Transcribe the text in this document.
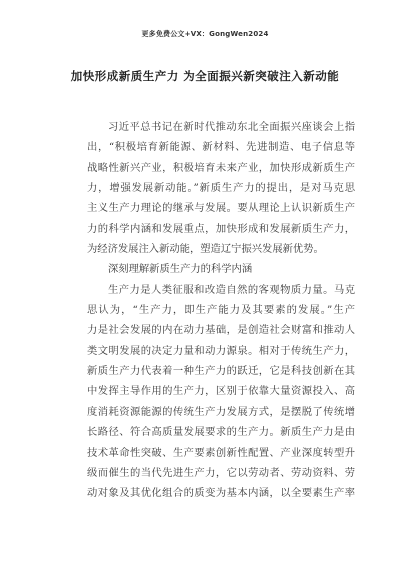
更多免费公文+VX：GongWen2024
加快形成新质生产力 为全面振兴新突破注入新动能
习近平总书记在新时代推动东北全面振兴座谈会上指
出，“积极培育新能源、新材料、先进制造、电子信息等
战略性新兴产业，积极培育未来产业，加快形成新质生产
力，增强发展新动能。”新质生产力的提出，是对马克思
主义生产力理论的继承与发展。要从理论上认识新质生产
力的科学内涵和发展重点，加快形成和发展新质生产力，
为经济发展注入新动能，塑造辽宁振兴发展新优势。
深刻理解新质生产力的科学内涵
生产力是人类征服和改造自然的客观物质力量。马克
思认为，“生产力，即生产能力及其要素的发展。”生产
力是社会发展的内在动力基础，是创造社会财富和推动人
类文明发展的决定力量和动力源泉。相对于传统生产力，
新质生产力代表着一种生产力的跃迁，它是科技创新在其
中发挥主导作用的生产力，区别于依靠大量资源投入、高
度消耗资源能源的传统生产力发展方式，是摆脱了传统增
长路径、符合高质量发展要求的生产力。新质生产力是由
技术革命性突破、生产要素创新性配置、产业深度转型升
级而催生的当代先进生产力，它以劳动者、劳动资料、劳
动对象及其优化组合的质变为基本内涵，以全要素生产率
